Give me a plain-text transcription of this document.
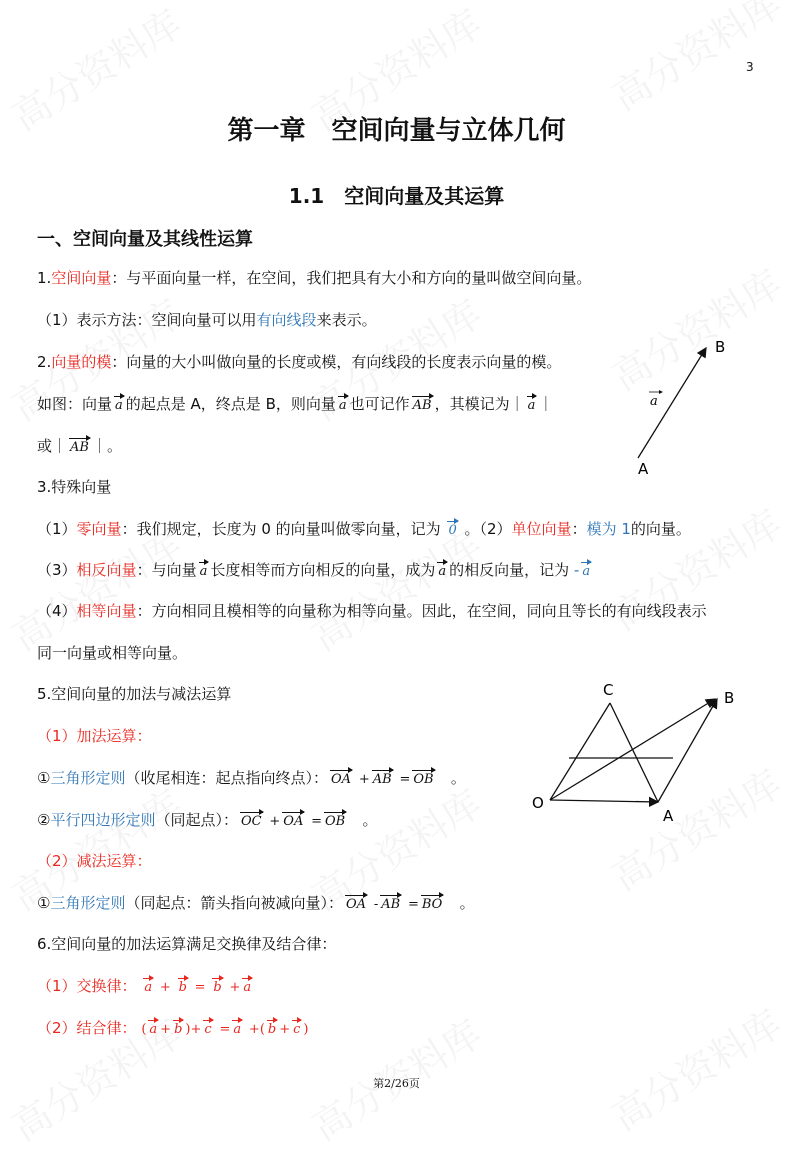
3
第一章　空间向量与立体几何
1.1　空间向量及其运算
一、空间向量及其线性运算
1.空间向量：与平面向量一样，在空间，我们把具有大小和方向的量叫做空间向量。
（1）表示方法：空间向量可以用有向线段来表示。
2.向量的模：向量的大小叫做向量的长度或模，有向线段的长度表示向量的模。
如图：向量 a 的起点是 A，终点是 B，则向量 a 也可记作 AB ，其模记为｜ a ｜
或｜ AB ｜。
3.特殊向量
（1）零向量：我们规定，长度为 0 的向量叫做零向量，记为 0 。（2）单位向量：模为 1的向量。
（3）相反向量：与向量 a 长度相等而方向相反的向量，成为 a 的相反向量，记为 - a
（4）相等向量：方向相同且模相等的向量称为相等向量。因此，在空间，同向且等长的有向线段表示
同一向量或相等向量。
5.空间向量的加法与减法运算
（1）加法运算：
①三角形定则（收尾相连：起点指向终点）： OA + AB = OB 。
②平行四边形定则（同起点）： OC + OA = OB 。
（2）减法运算：
①三角形定则（同起点：箭头指向被减向量）： OA - AB = BO 。
6.空间向量的加法运算满足交换律及结合律：
（1）交换律： a + b = b + a
（2）结合律： ( a + b )+ c = a +( b + c )
B
A
a
C	B
O
A
第2/26页
